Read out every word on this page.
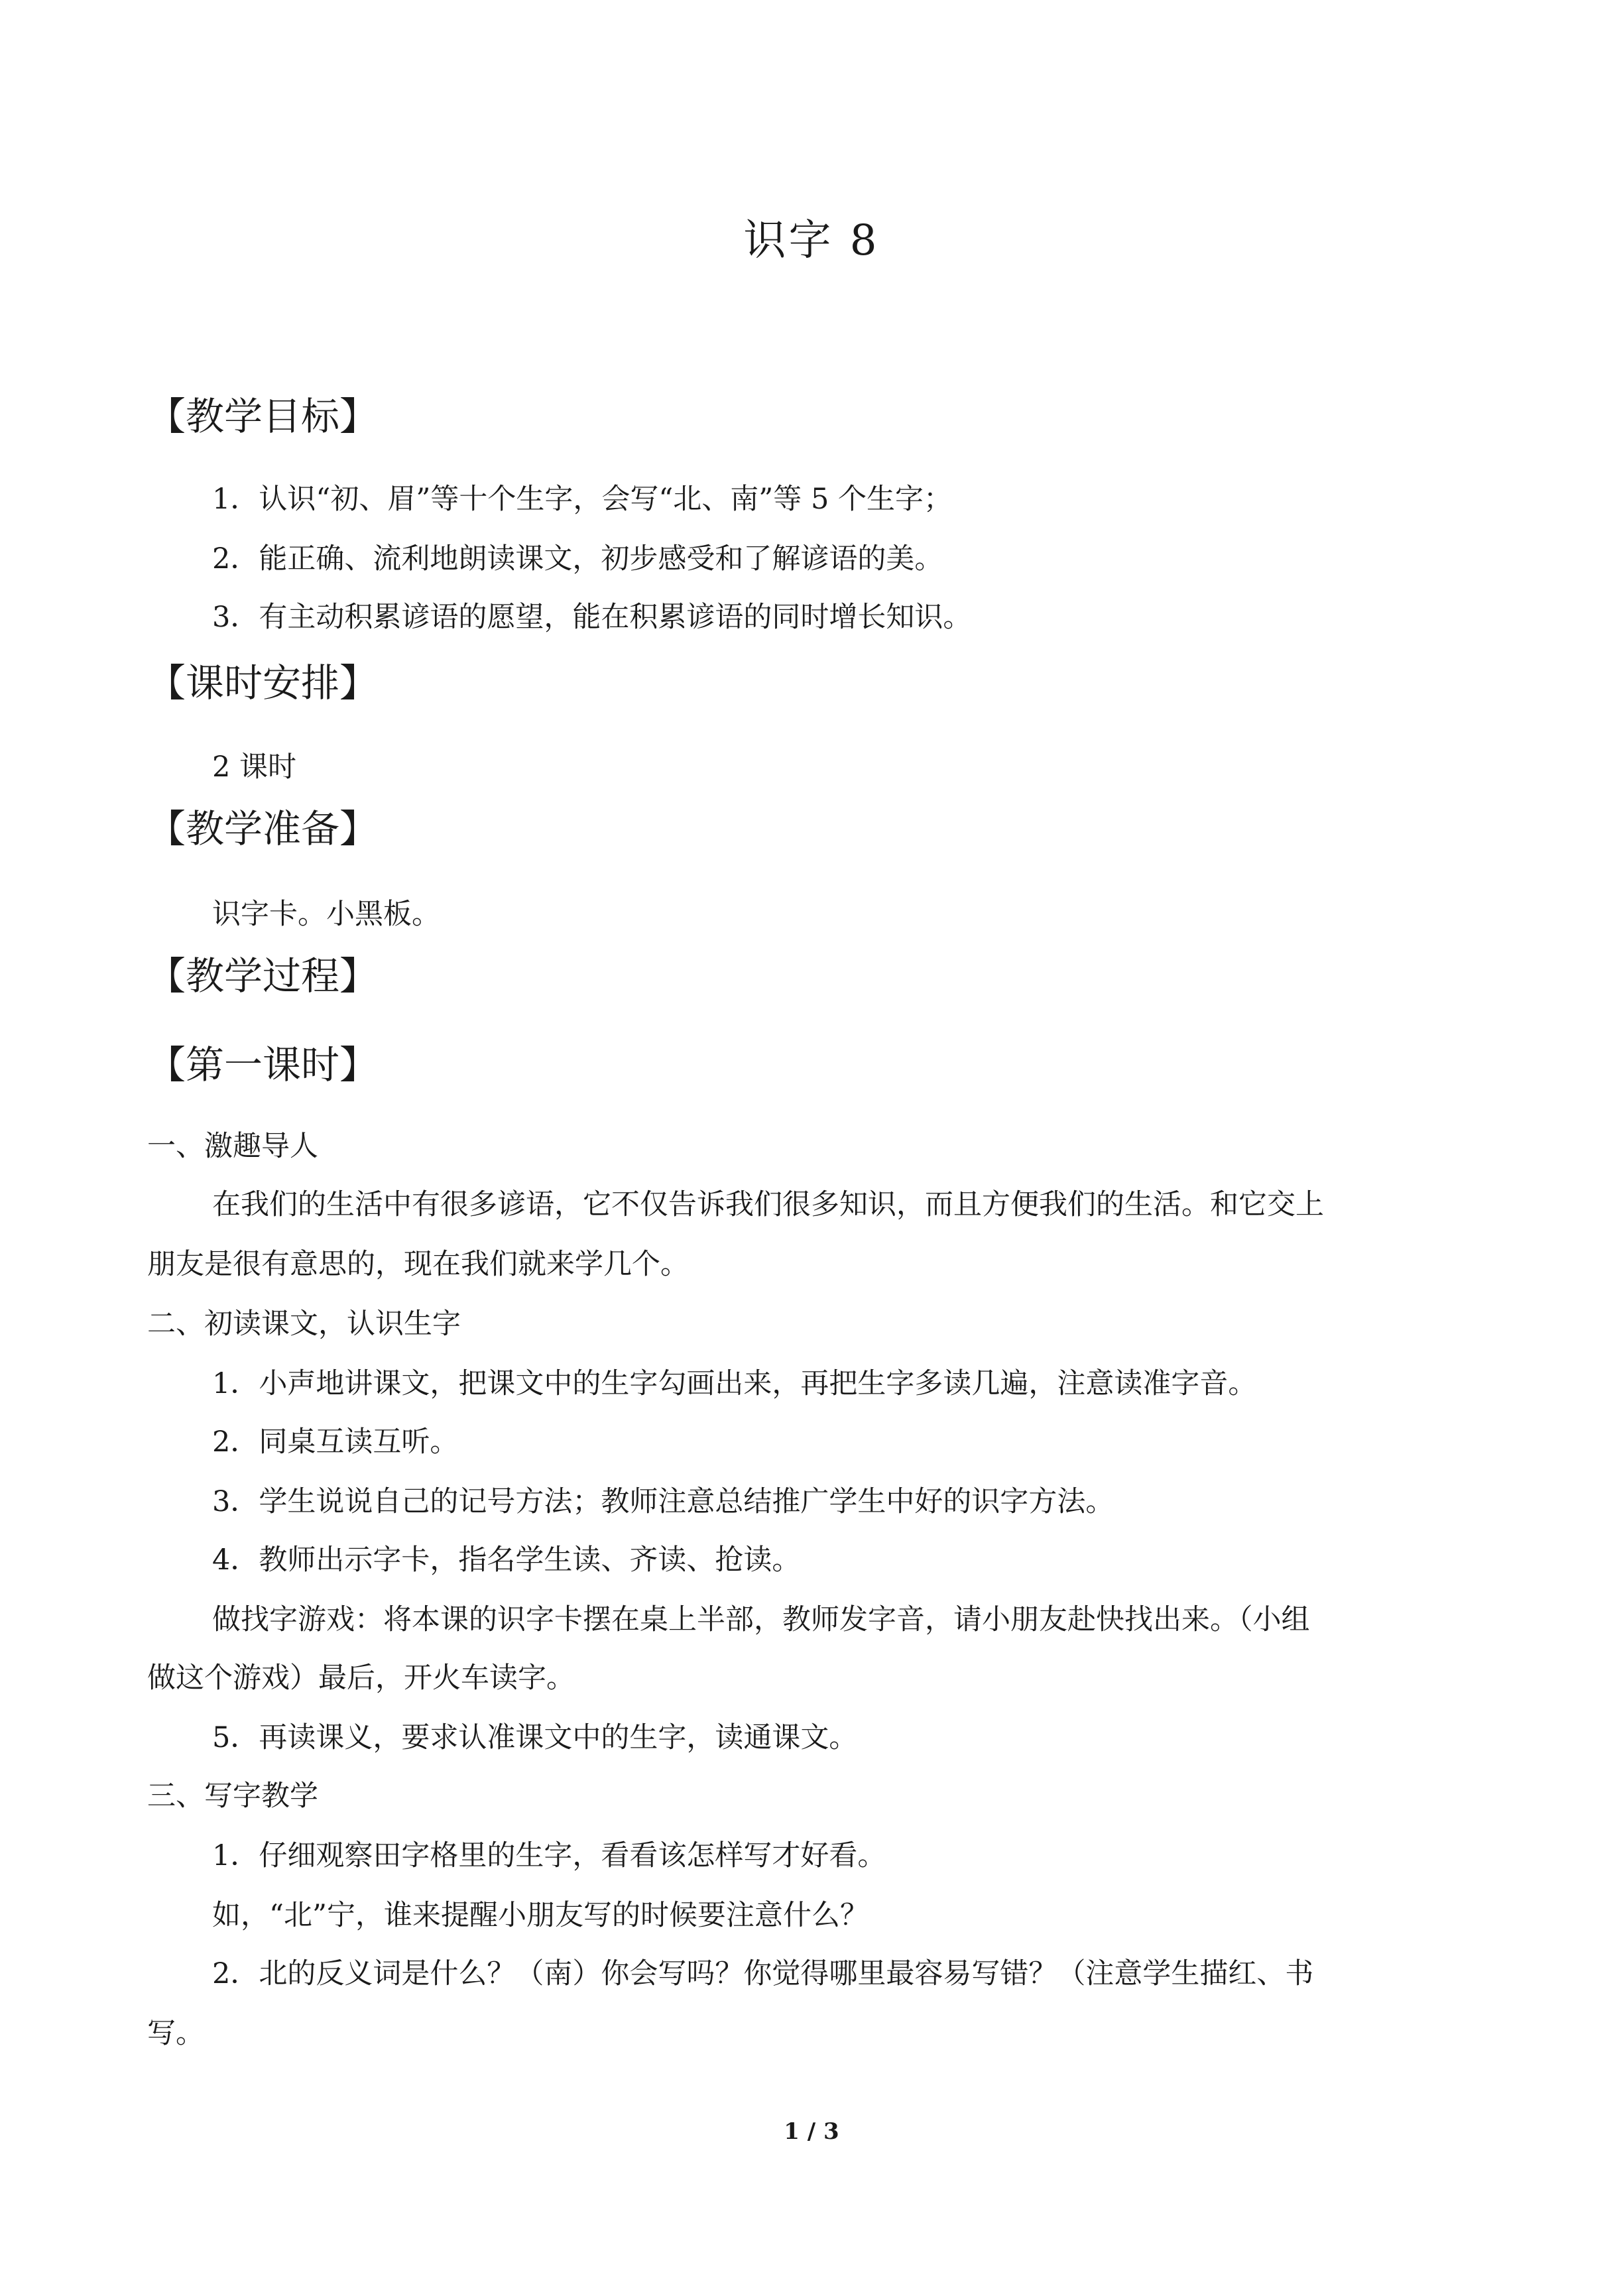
识字 8
【教学目标】
1．认识“初、眉”等十个生字，会写“北、南”等 5 个生字；
2．能正确、流利地朗读课文，初步感受和了解谚语的美。
3．有主动积累谚语的愿望，能在积累谚语的同时增长知识。
【课时安排】
2 课时
【教学准备】
识字卡。小黑板。
【教学过程】
【第一课时】
一、激趣导人
在我们的生活中有很多谚语，它不仅告诉我们很多知识，而且方便我们的生活。和它交上
朋友是很有意思的，现在我们就来学几个。
二、初读课文，认识生字
1．小声地讲课文，把课文中的生字勾画出来，再把生字多读几遍，注意读准字音。
2．同桌互读互听。
3．学生说说自己的记号方法；教师注意总结推广学生中好的识字方法。
4．教师出示字卡，指名学生读、齐读、抢读。
做找字游戏：将本课的识字卡摆在桌上半部，教师发字音，请小朋友赴快找出来。（小组
做这个游戏）最后，开火车读字。
5．再读课义，要求认准课文中的生字，读通课文。
三、写字教学
1．仔细观察田字格里的生字，看看该怎样写才好看。
如，“北”宁，谁来提醒小朋友写的时候要注意什么？
2．北的反义词是什么？（南）你会写吗？你觉得哪里最容易写错？（注意学生描红、书
写。
1 / 3
